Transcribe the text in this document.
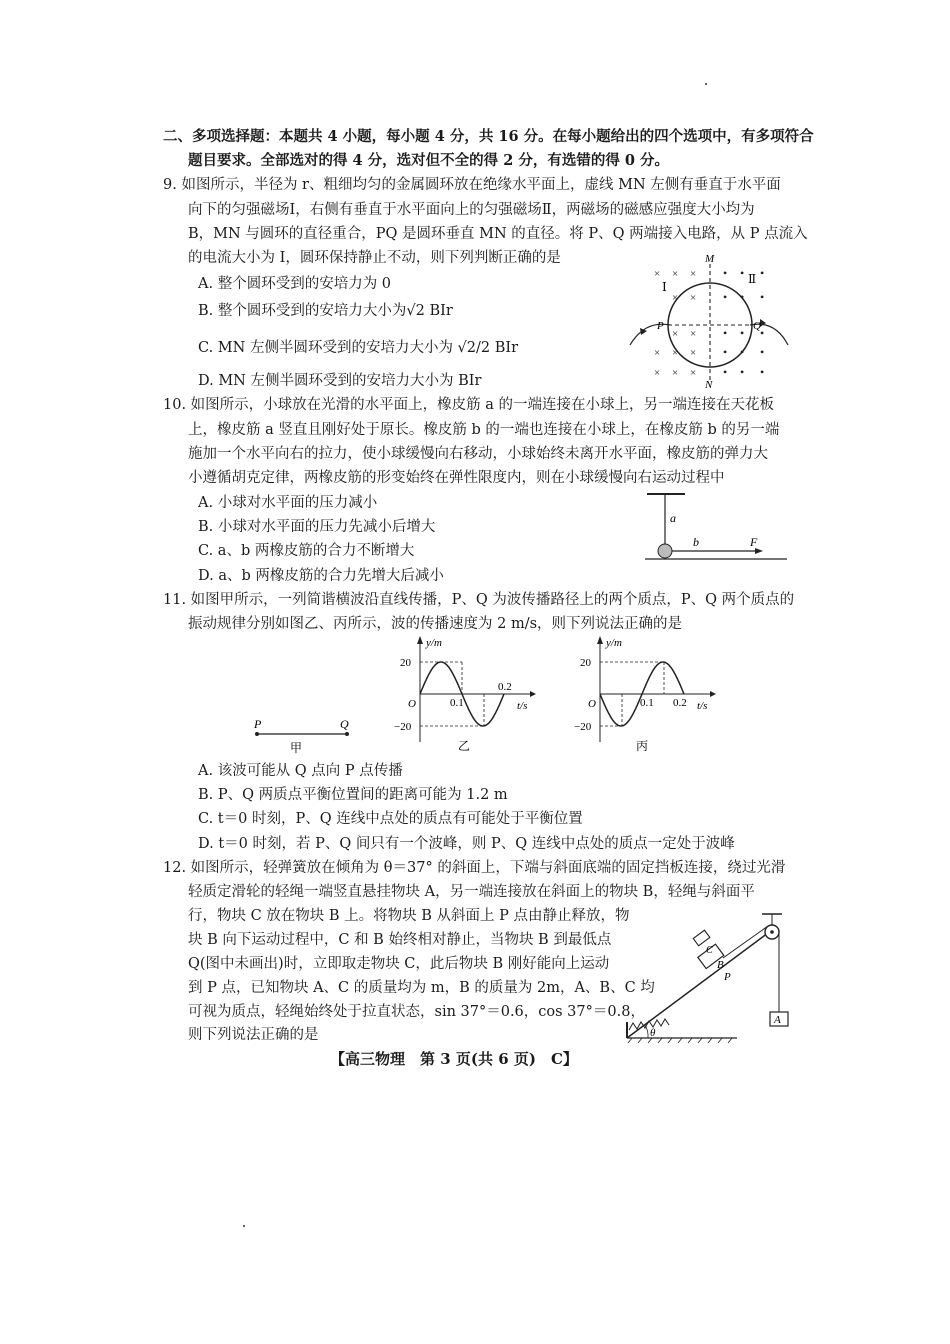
二、多项选择题：本题共 4 小题，每小题 4 分，共 16 分。在每小题给出的四个选项中，有多项符合
题目要求。全部选对的得 4 分，选对但不全的得 2 分，有选错的得 0 分。
9. 如图所示，半径为 r、粗细均匀的金属圆环放在绝缘水平面上，虚线 MN 左侧有垂直于水平面
向下的匀强磁场Ⅰ，右侧有垂直于水平面向上的匀强磁场Ⅱ，两磁场的磁感应强度大小均为
B，MN 与圆环的直径重合，PQ 是圆环垂直 MN 的直径。将 P、Q 两端接入电路，从 P 点流入
的电流大小为 I，圆环保持静止不动，则下列判断正确的是
A. 整个圆环受到的安培力为 0
B. 整个圆环受到的安培力大小为√2 BIr
C. MN 左侧半圆环受到的安培力大小为 √2/2 BIr
D. MN 左侧半圆环受到的安培力大小为 BIr
M
N
P	Q
Ⅰ
Ⅱ
× × ×
× ×
× ×
× × ×
× × ×
• • •
• • •
• • •
• • •
• • •
10. 如图所示，小球放在光滑的水平面上，橡皮筋 a 的一端连接在小球上，另一端连接在天花板
上，橡皮筋 a 竖直且刚好处于原长。橡皮筋 b 的一端也连接在小球上，在橡皮筋 b 的另一端
施加一个水平向右的拉力，使小球缓慢向右移动，小球始终未离开水平面，橡皮筋的弹力大
小遵循胡克定律，两橡皮筋的形变始终在弹性限度内，则在小球缓慢向右运动过程中
A. 小球对水平面的压力减小
B. 小球对水平面的压力先减小后增大
C. a、b 两橡皮筋的合力不断增大
D. a、b 两橡皮筋的合力先增大后减小
a
b	F
11. 如图甲所示，一列简谐横波沿直线传播，P、Q 为波传播路径上的两个质点，P、Q 两个质点的
振动规律分别如图乙、丙所示，波的传播速度为 2 m/s，则下列说法正确的是
P	Q
甲
y/m
t/s
20
−20
O	0.1
0.2
乙
y/m
t/s
20
−20
O	0.1 0.2
丙
A. 该波可能从 Q 点向 P 点传播
B. P、Q 两质点平衡位置间的距离可能为 1.2 m
C. t＝0 时刻，P、Q 连线中点处的质点有可能处于平衡位置
D. t＝0 时刻，若 P、Q 间只有一个波峰，则 P、Q 连线中点处的质点一定处于波峰
12. 如图所示，轻弹簧放在倾角为 θ＝37° 的斜面上，下端与斜面底端的固定挡板连接，绕过光滑
轻质定滑轮的轻绳一端竖直悬挂物块 A，另一端连接放在斜面上的物块 B，轻绳与斜面平
行，物块 C 放在物块 B 上。将物块 B 从斜面上 P 点由静止释放，物
块 B 向下运动过程中，C 和 B 始终相对静止，当物块 B 到最低点
Q(图中未画出)时，立即取走物块 C，此后物块 B 刚好能向上运动
到 P 点，已知物块 A、C 的质量均为 m，B 的质量为 2m，A、B、C 均
可视为质点，轻绳始终处于拉直状态，sin 37°＝0.6，cos 37°＝0.8，
则下列说法正确的是
A
B
C
P
θ
【高三物理　第 3 页(共 6 页)　C】
